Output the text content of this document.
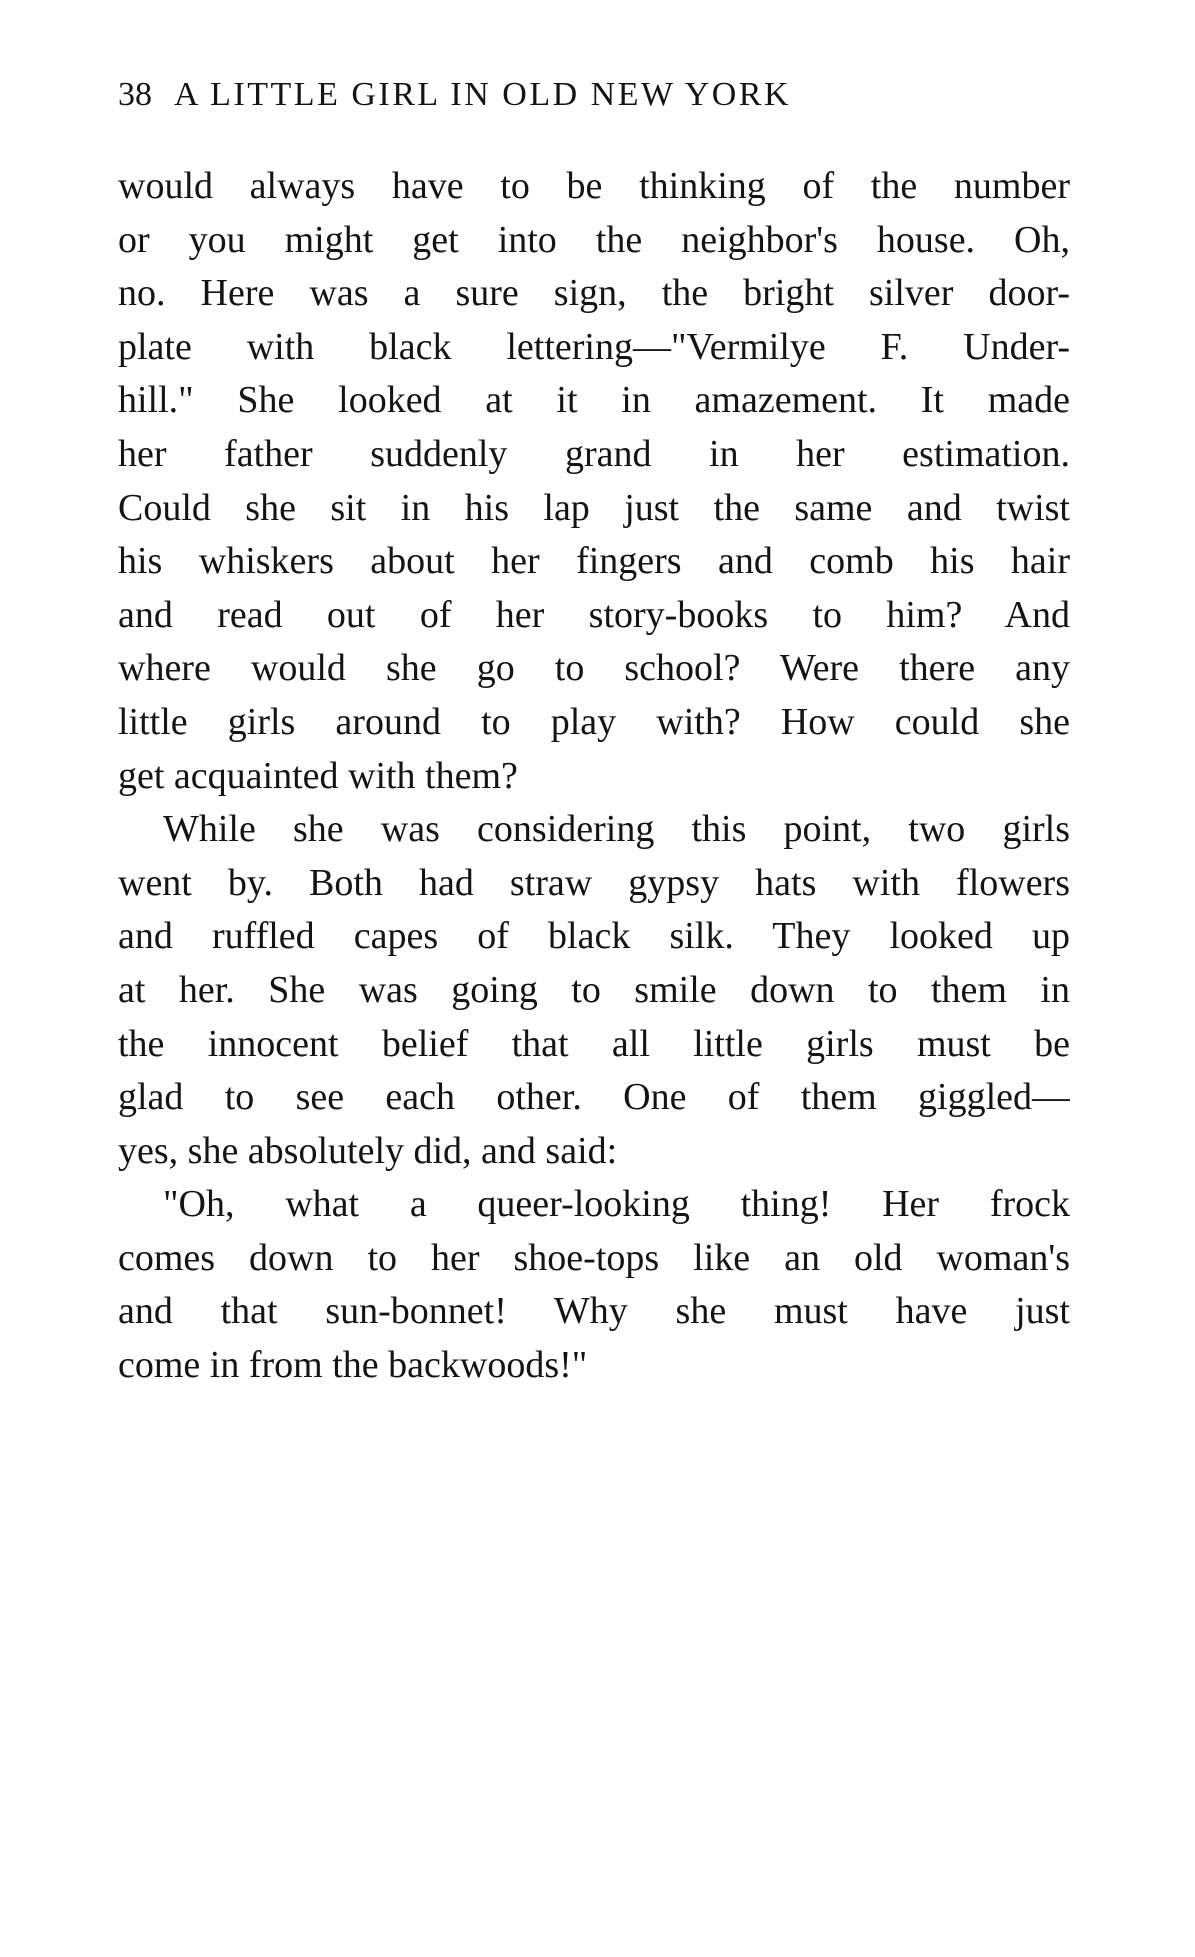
38 A LITTLE GIRL IN OLD NEW YORK
would always have to be thinking of the number
or you might get into the neighbor's house. Oh,
no. Here was a sure sign, the bright silver door-
plate with black lettering—"Vermilye F. Under-
hill." She looked at it in amazement. It made
her father suddenly grand in her estimation.
Could she sit in his lap just the same and twist
his whiskers about her fingers and comb his hair
and read out of her story-books to him? And
where would she go to school? Were there any
little girls around to play with? How could she
get acquainted with them?
While she was considering this point, two girls
went by. Both had straw gypsy hats with flowers
and ruffled capes of black silk. They looked up
at her. She was going to smile down to them in
the innocent belief that all little girls must be
glad to see each other. One of them giggled—
yes, she absolutely did, and said:
"Oh, what a queer-looking thing! Her frock
comes down to her shoe-tops like an old woman's
and that sun-bonnet! Why she must have just
come in from the backwoods!"
